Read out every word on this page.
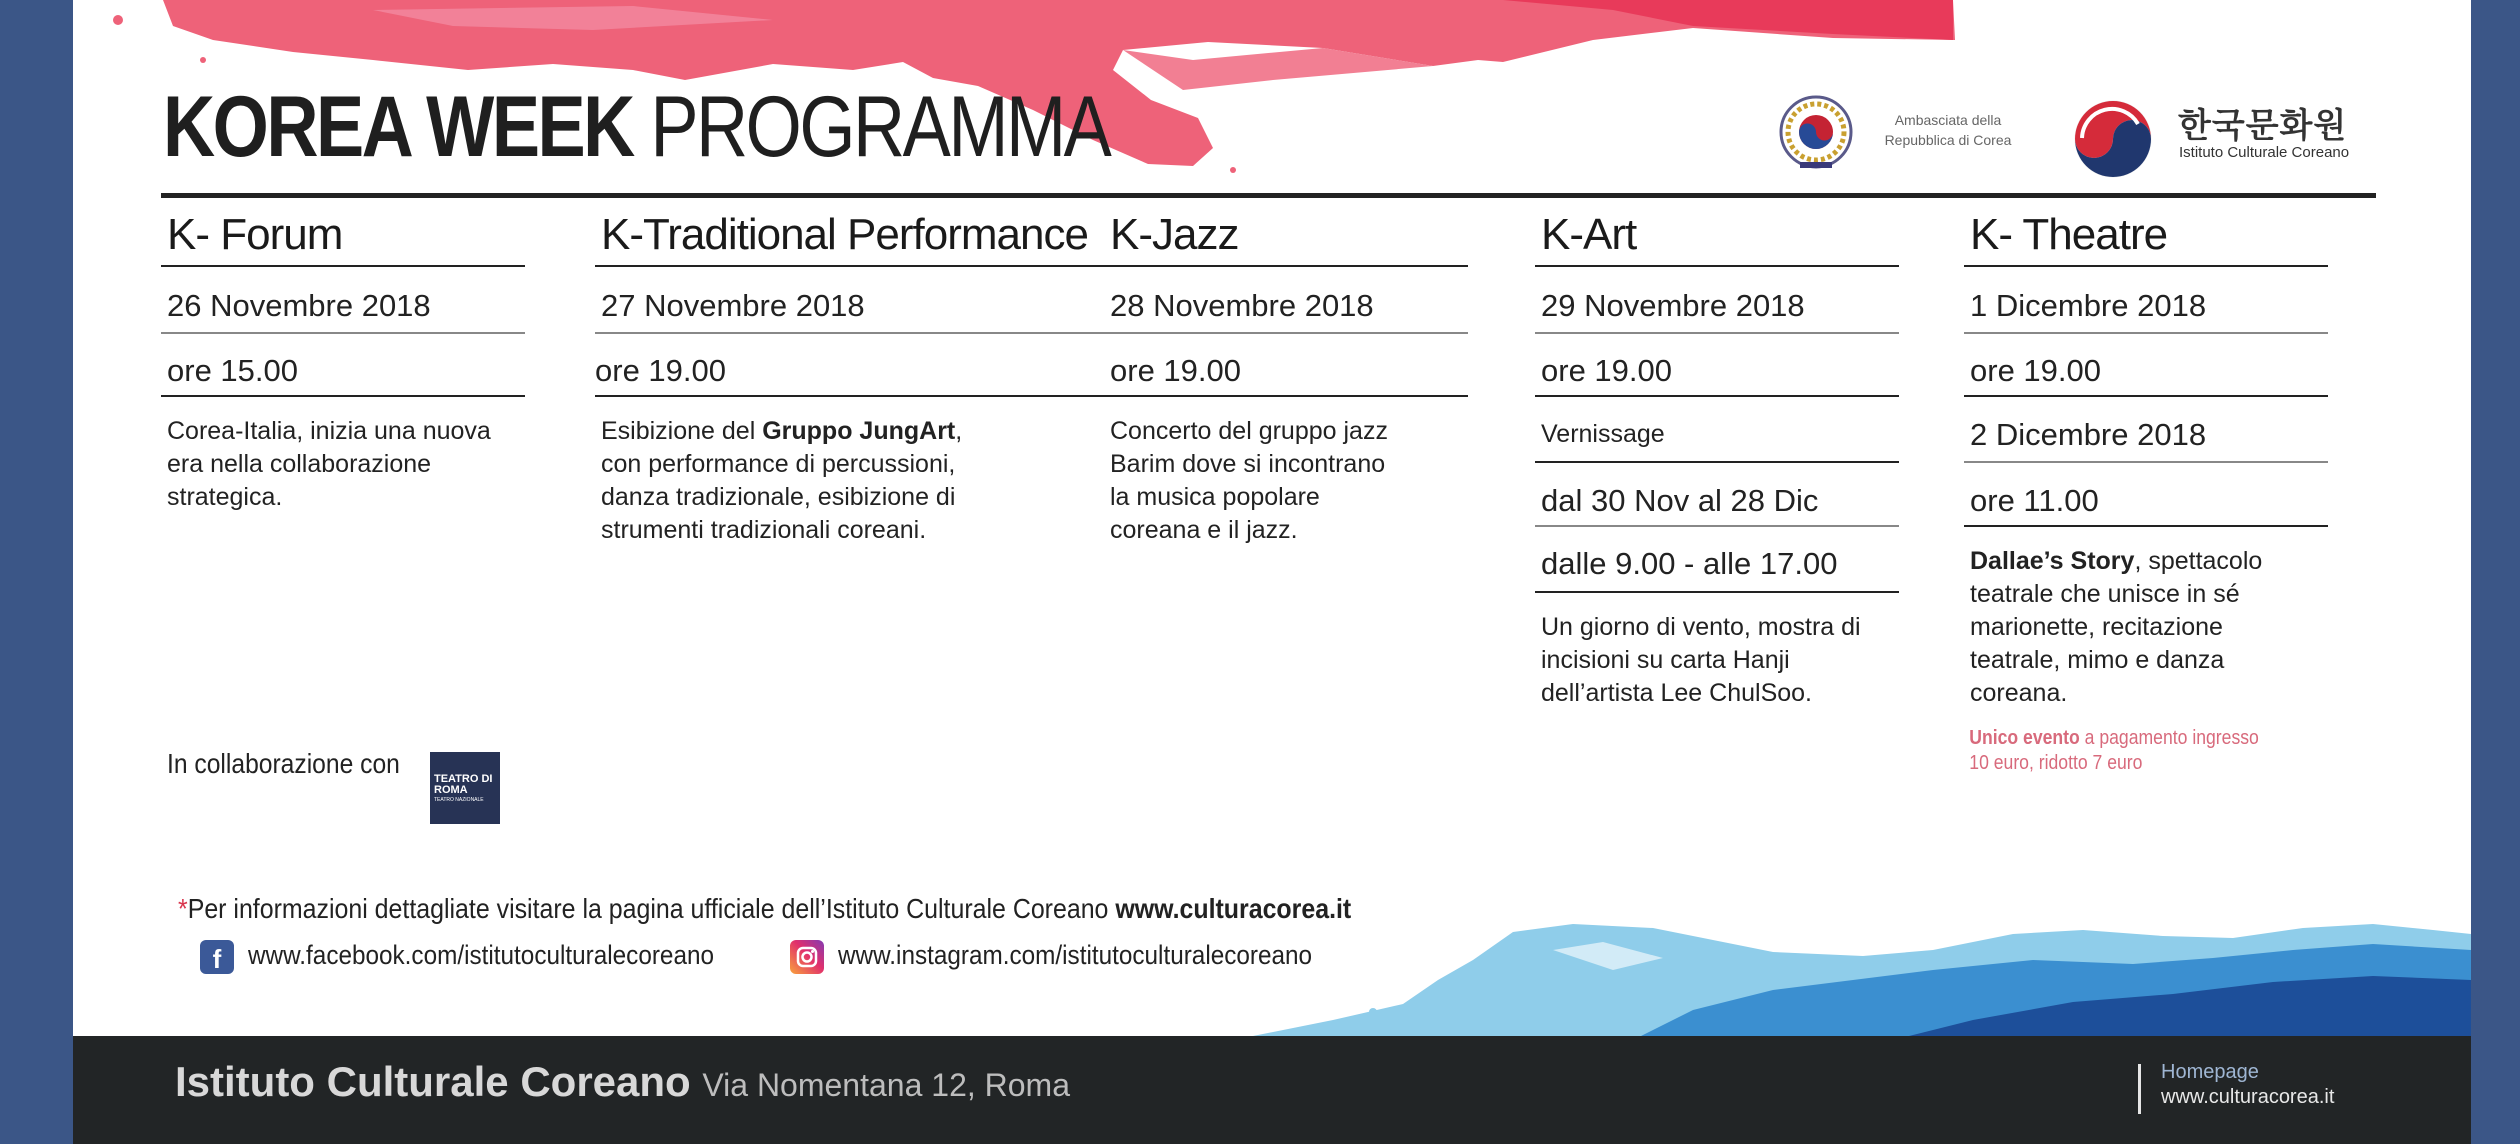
KOREA WEEK PROGRAMMA	Ambasciata della
Repubblica di Corea	한국문화원
Istituto Culturale Coreano
K- Forum
26 Novembre 2018
ore 15.00
Corea-Italia, inizia una nuova era nella collaborazione strategica.
K-Traditional Performance
27 Novembre 2018
ore 19.00
Esibizione del Gruppo JungArt, con performance di percussioni, danza tradizionale, esibizione di strumenti tradizionali coreani.
K-Jazz
28 Novembre 2018
ore 19.00
Concerto del gruppo jazz Barim dove si incontrano la musica popolare coreana e il jazz.
K-Art
29 Novembre 2018
ore 19.00
Vernissage
dal 30 Nov al 28 Dic
dalle 9.00 - alle 17.00
Un giorno di vento, mostra di incisioni su carta Hanji dell’artista Lee ChulSoo.
K- Theatre
1 Dicembre 2018
ore 19.00
2 Dicembre 2018
ore 11.00
Dallae’s Story, spettacolo teatrale che unisce in sé marionette, recitazione teatrale, mimo e danza coreana.
Unico evento a pagamento ingresso 10 euro, ridotto 7 euro
In collaborazione con	TEATRO DI ROMA
TEATRO NAZIONALE
*Per informazioni dettagliate visitare la pagina ufficiale dell’Istituto Culturale Coreano www.culturacorea.it
f www.facebook.com/istitutoculturalecoreano	www.instagram.com/istitutoculturalecoreano
Istituto Culturale Coreano Via Nomentana 12, Roma	Homepage
www.culturacorea.it
